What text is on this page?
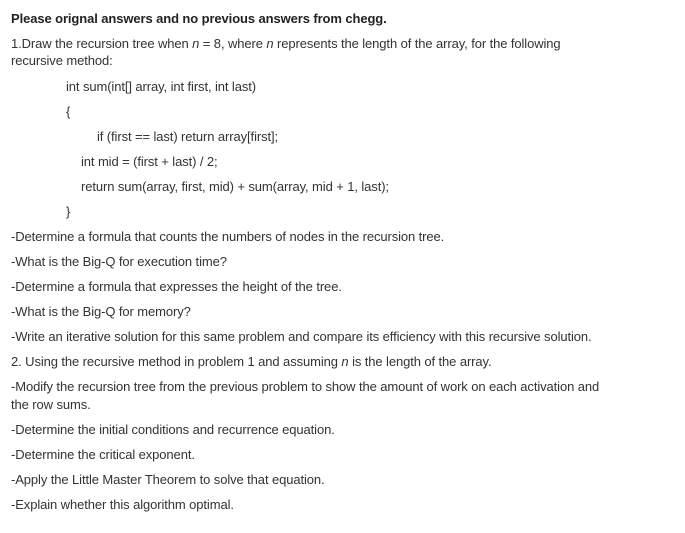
Please orignal answers and no previous answers from chegg.
1.Draw the recursion tree when n = 8, where n represents the length of the array, for the following
recursive method:
int sum(int[] array, int first, int last)
{
if (first == last) return array[first];
int mid = (first + last) / 2;
return sum(array, first, mid) + sum(array, mid + 1, last);
}
-Determine a formula that counts the numbers of nodes in the recursion tree.
-What is the Big-Q for execution time?
-Determine a formula that expresses the height of the tree.
-What is the Big-Q for memory?
-Write an iterative solution for this same problem and compare its efficiency with this recursive solution.
2. Using the recursive method in problem 1 and assuming n is the length of the array.
-Modify the recursion tree from the previous problem to show the amount of work on each activation and
the row sums.
-Determine the initial conditions and recurrence equation.
-Determine the critical exponent.
-Apply the Little Master Theorem to solve that equation.
-Explain whether this algorithm optimal.
